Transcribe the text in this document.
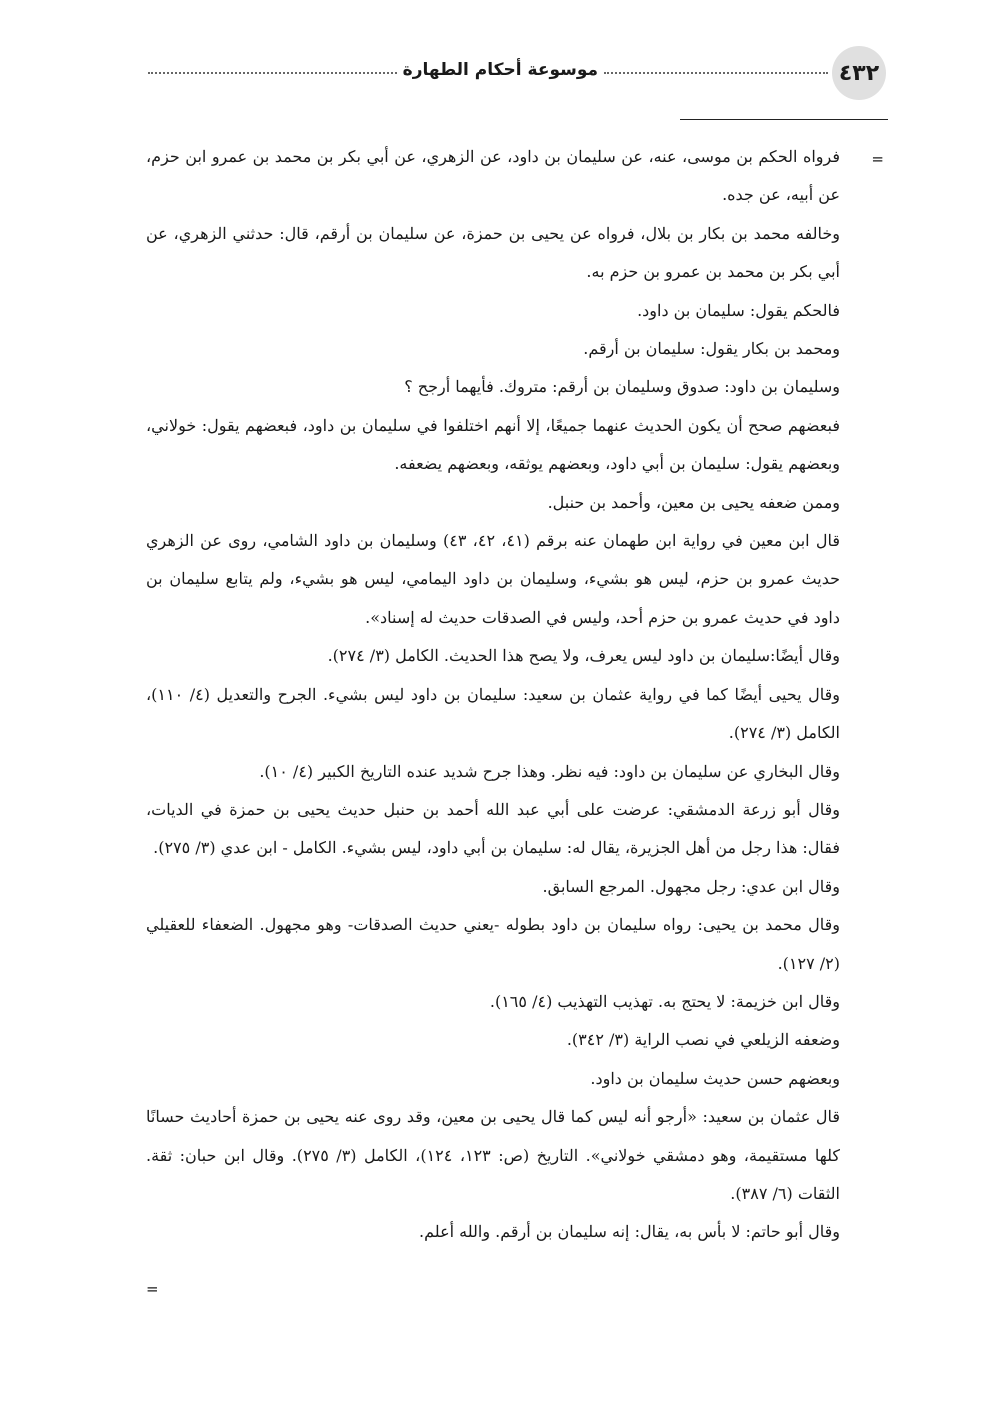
٤٣٢
موسوعة أحكام الطهارة
=
=

فرواه الحكم بن موسى، عنه، عن سليمان بن داود، عن الزهري، عن أبي بكر بن محمد بن عمرو ابن حزم، عن أبيه، عن جده.

وخالفه محمد بن بكار بن بلال، فرواه عن يحيى بن حمزة، عن سليمان بن أرقم، قال: حدثني الزهري، عن أبي بكر بن محمد بن عمرو بن حزم به.

فالحكم يقول: سليمان بن داود.

ومحمد بن بكار يقول: سليمان بن أرقم.

وسليمان بن داود: صدوق وسليمان بن أرقم: متروك. فأيهما أرجح ؟

فبعضهم صحح أن يكون الحديث عنهما جميعًا، إلا أنهم اختلفوا في سليمان بن داود، فبعضهم يقول: خولاني، وبعضهم يقول: سليمان بن أبي داود، وبعضهم يوثقه، وبعضهم يضعفه.

وممن ضعفه يحيى بن معين، وأحمد بن حنبل.

قال ابن معين في رواية ابن طهمان عنه برقم (٤١، ٤٢، ٤٣) وسليمان بن داود الشامي، روى عن الزهري حديث عمرو بن حزم، ليس هو بشيء، وسليمان بن داود اليمامي، ليس هو بشيء، ولم يتابع سليمان بن داود في حديث عمرو بن حزم أحد، وليس في الصدقات حديث له إسناد».

وقال أيضًا:سليمان بن داود ليس يعرف، ولا يصح هذا الحديث. الكامل (٣/ ٢٧٤).

وقال يحيى أيضًا كما في رواية عثمان بن سعيد: سليمان بن داود ليس بشيء. الجرح والتعديل (٤/ ١١٠)، الكامل (٣/ ٢٧٤).

وقال البخاري عن سليمان بن داود: فيه نظر. وهذا جرح شديد عنده التاريخ الكبير (٤/ ١٠).

وقال أبو زرعة الدمشقي: عرضت على أبي عبد الله أحمد بن حنبل حديث يحيى بن حمزة في الديات، فقال: هذا رجل من أهل الجزيرة، يقال له: سليمان بن أبي داود، ليس بشيء. الكامل - ابن عدي (٣/ ٢٧٥).

وقال ابن عدي: رجل مجهول. المرجع السابق.

وقال محمد بن يحيى: رواه سليمان بن داود بطوله -يعني حديث الصدقات- وهو مجهول. الضعفاء للعقيلي (٢/ ١٢٧).

وقال ابن خزيمة: لا يحتج به. تهذيب التهذيب (٤/ ١٦٥).

وضعفه الزيلعي في نصب الراية (٣/ ٣٤٢).

وبعضهم حسن حديث سليمان بن داود.

قال عثمان بن سعيد: «أرجو أنه ليس كما قال يحيى بن معين، وقد روى عنه يحيى بن حمزة أحاديث حسانًا كلها مستقيمة، وهو دمشقي خولاني». التاريخ (ص: ١٢٣، ١٢٤)، الكامل (٣/ ٢٧٥). وقال ابن حبان: ثقة. الثقات (٦/ ٣٨٧).

وقال أبو حاتم: لا بأس به، يقال: إنه سليمان بن أرقم. والله أعلم.
